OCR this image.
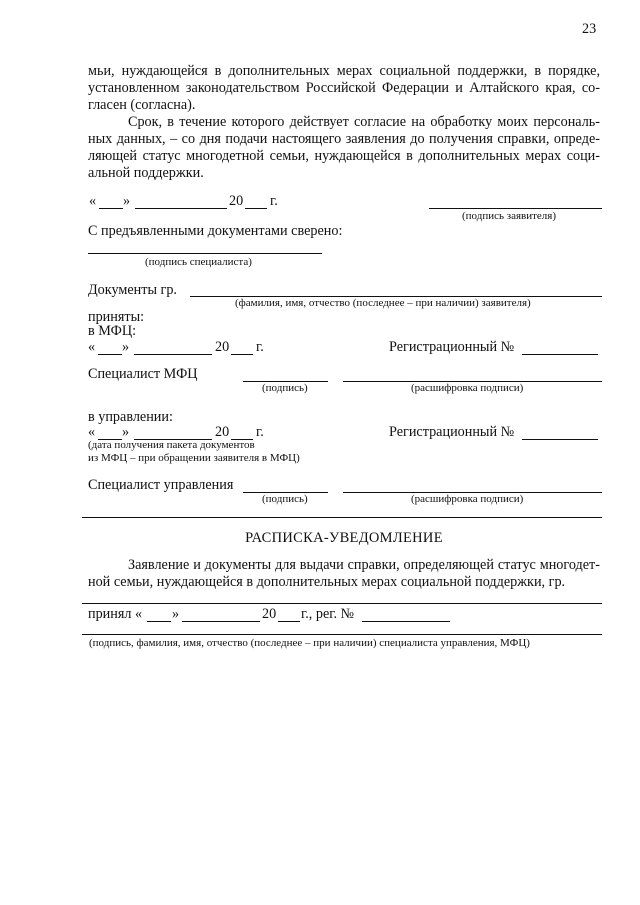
23
мьи, нуждающейся в дополнительных мерах социальной поддержки, в порядке,
установленном законодательством Российской Федерации и Алтайского края, со-
гласен (согласна).
Срок, в течение которого действует согласие на обработку моих персональ-
ных данных, – со дня подачи настоящего заявления до получения справки, опреде-
ляющей статус многодетной семьи, нуждающейся в дополнительных мерах соци-
альной поддержки.
« »	20 г.
(подпись заявителя)
С предъявленными документами сверено:
(подпись специалиста)
Документы гр.
(фамилия, имя, отчество (последнее – при наличии) заявителя)
приняты:
в МФЦ:
« »	20 г.	Регистрационный №
Специалист МФЦ
(подпись)	(расшифровка подписи)
в управлении:
« »	20 г.	Регистрационный №
(дата получения пакета документов
из МФЦ – при обращении заявителя в МФЦ)
Специалист управления
(подпись)	(расшифровка подписи)
РАСПИСКА-УВЕДОМЛЕНИЕ
Заявление и документы для выдачи справки, определяющей статус многодет-
ной семьи, нуждающейся в дополнительных мерах социальной поддержки, гр.
принял « »	20 г., рег. №
(подпись, фамилия, имя, отчество (последнее – при наличии) специалиста управления, МФЦ)
